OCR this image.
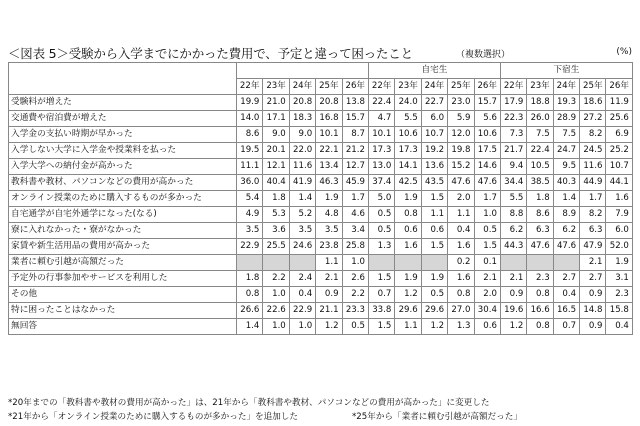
＜図表 5＞受験から入学までにかかった費用で、予定と違って困ったこと	（複数選択）	(%)
						自宅生					下宿生				
	22年	23年	24年	25年	26年	22年	23年	24年	25年	26年	22年	23年	24年	25年	26年
受験料が増えた	19.9	21.0	20.8	20.8	13.8	22.4	24.0	22.7	23.0	15.7	17.9	18.8	19.3	18.6	11.9
交通費や宿泊費が増えた	14.0	17.1	18.3	16.8	15.7	4.7	5.5	6.0	5.9	5.6	22.3	26.0	28.9	27.2	25.6
入学金の支払い時期が早かった	8.6	9.0	9.0	10.1	8.7	10.1	10.6	10.7	12.0	10.6	7.3	7.5	7.5	8.2	6.9
入学しない大学に入学金や授業料を払った	19.5	20.1	22.0	22.1	21.2	17.3	17.3	19.2	19.8	17.5	21.7	22.4	24.7	24.5	25.2
入学大学への納付金が高かった	11.1	12.1	11.6	13.4	12.7	13.0	14.1	13.6	15.2	14.6	9.4	10.5	9.5	11.6	10.7
教科書や教材、パソコンなどの費用が高かった	36.0	40.4	41.9	46.3	45.9	37.4	42.5	43.5	47.6	47.6	34.4	38.5	40.3	44.9	44.1
オンライン授業のために購入するものが多かった	5.4	1.8	1.4	1.9	1.7	5.0	1.9	1.5	2.0	1.7	5.5	1.8	1.4	1.7	1.6
自宅通学が自宅外通学になった(なる)	4.9	5.3	5.2	4.8	4.6	0.5	0.8	1.1	1.1	1.0	8.8	8.6	8.9	8.2	7.9
寮に入れなかった・寮がなかった	3.5	3.6	3.5	3.5	3.4	0.5	0.6	0.6	0.4	0.5	6.2	6.3	6.2	6.3	6.0
家賃や新生活用品の費用が高かった	22.9	25.5	24.6	23.8	25.8	1.3	1.6	1.5	1.6	1.5	44.3	47.6	47.6	47.9	52.0
業者に頼む引越が高額だった				1.1	1.0				0.2	0.1				2.1	1.9
予定外の行事参加やサービスを利用した	1.8	2.2	2.4	2.1	2.6	1.5	1.9	1.9	1.6	2.1	2.1	2.3	2.7	2.7	3.1
その他	0.8	1.0	0.4	0.9	2.2	0.7	1.2	0.5	0.8	2.0	0.9	0.8	0.4	0.9	2.3
特に困ったことはなかった	26.6	22.6	22.9	21.1	23.3	33.8	29.6	29.6	27.0	30.4	19.6	16.6	16.5	14.8	15.8
無回答	1.4	1.0	1.0	1.2	0.5	1.5	1.1	1.2	1.3	0.6	1.2	0.8	0.7	0.9	0.4
*20年までの「教科書や教材の費用が高かった」は、21年から「教科書や教材、パソコンなどの費用が高かった」に変更した
*21年から「オンライン授業のために購入するものが多かった」を追加した	*25年から「業者に頼む引越が高額だった」
